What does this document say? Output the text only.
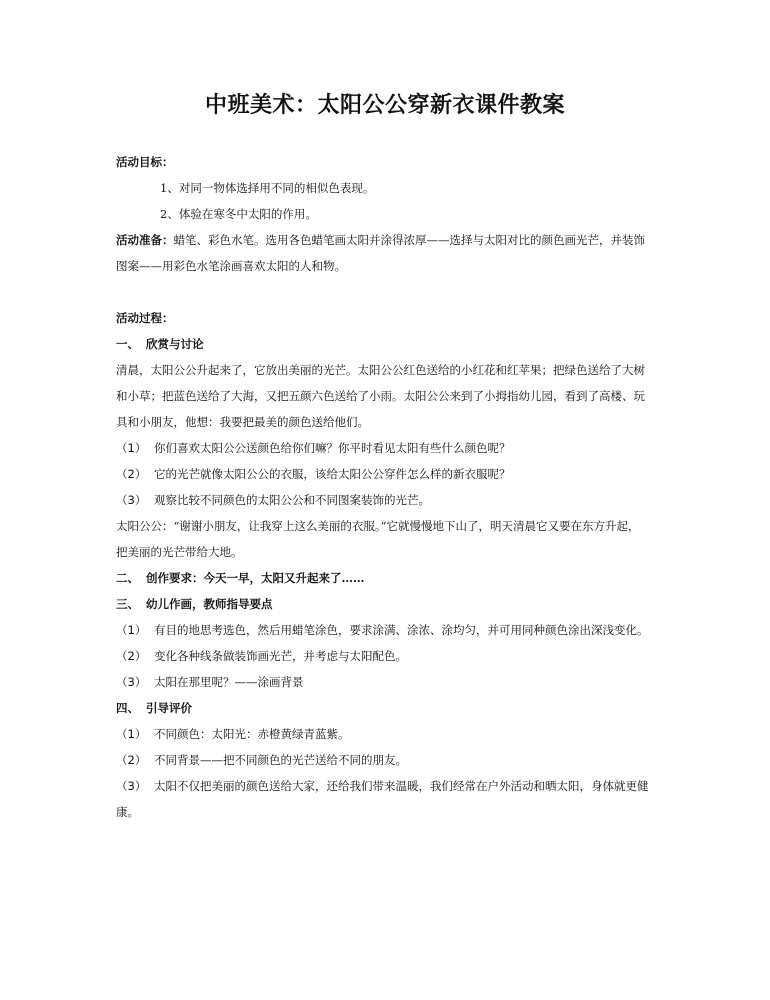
中班美术：太阳公公穿新衣课件教案
活动目标：
1、对同一物体选择用不同的相似色表现。
2、体验在寒冬中太阳的作用。
活动准备：蜡笔、彩色水笔。选用各色蜡笔画太阳并涂得浓厚——选择与太阳对比的颜色画光芒，并装饰
图案——用彩色水笔涂画喜欢太阳的人和物。
活动过程：
一、 欣赏与讨论
清晨，太阳公公升起来了，它放出美丽的光芒。太阳公公红色送给的小红花和红苹果；把绿色送给了大树
和小草；把蓝色送给了大海，又把五颜六色送给了小雨。太阳公公来到了小拇指幼儿园，看到了高楼、玩
具和小朋友，他想：我要把最美的颜色送给他们。
（1） 你们喜欢太阳公公送颜色给你们嘛？你平时看见太阳有些什么颜色呢？
（2） 它的光芒就像太阳公公的衣服，该给太阳公公穿件怎么样的新衣服呢？
（3） 观察比较不同颜色的太阳公公和不同图案装饰的光芒。
太阳公公：“谢谢小朋友，让我穿上这么美丽的衣服。”它就慢慢地下山了，明天清晨它又要在东方升起，
把美丽的光芒带给大地。
二、 创作要求：今天一早，太阳又升起来了……
三、 幼儿作画，教师指导要点
（1） 有目的地思考选色，然后用蜡笔涂色，要求涂满、涂浓、涂均匀，并可用同种颜色涂出深浅变化。
（2） 变化各种线条做装饰画光芒，并考虑与太阳配色。
（3） 太阳在那里呢？——涂画背景
四、 引导评价
（1） 不同颜色：太阳光：赤橙黄绿青蓝紫。
（2） 不同背景——把不同颜色的光芒送给不同的朋友。
（3） 太阳不仅把美丽的颜色送给大家，还给我们带来温暖，我们经常在户外活动和晒太阳，身体就更健
康。
